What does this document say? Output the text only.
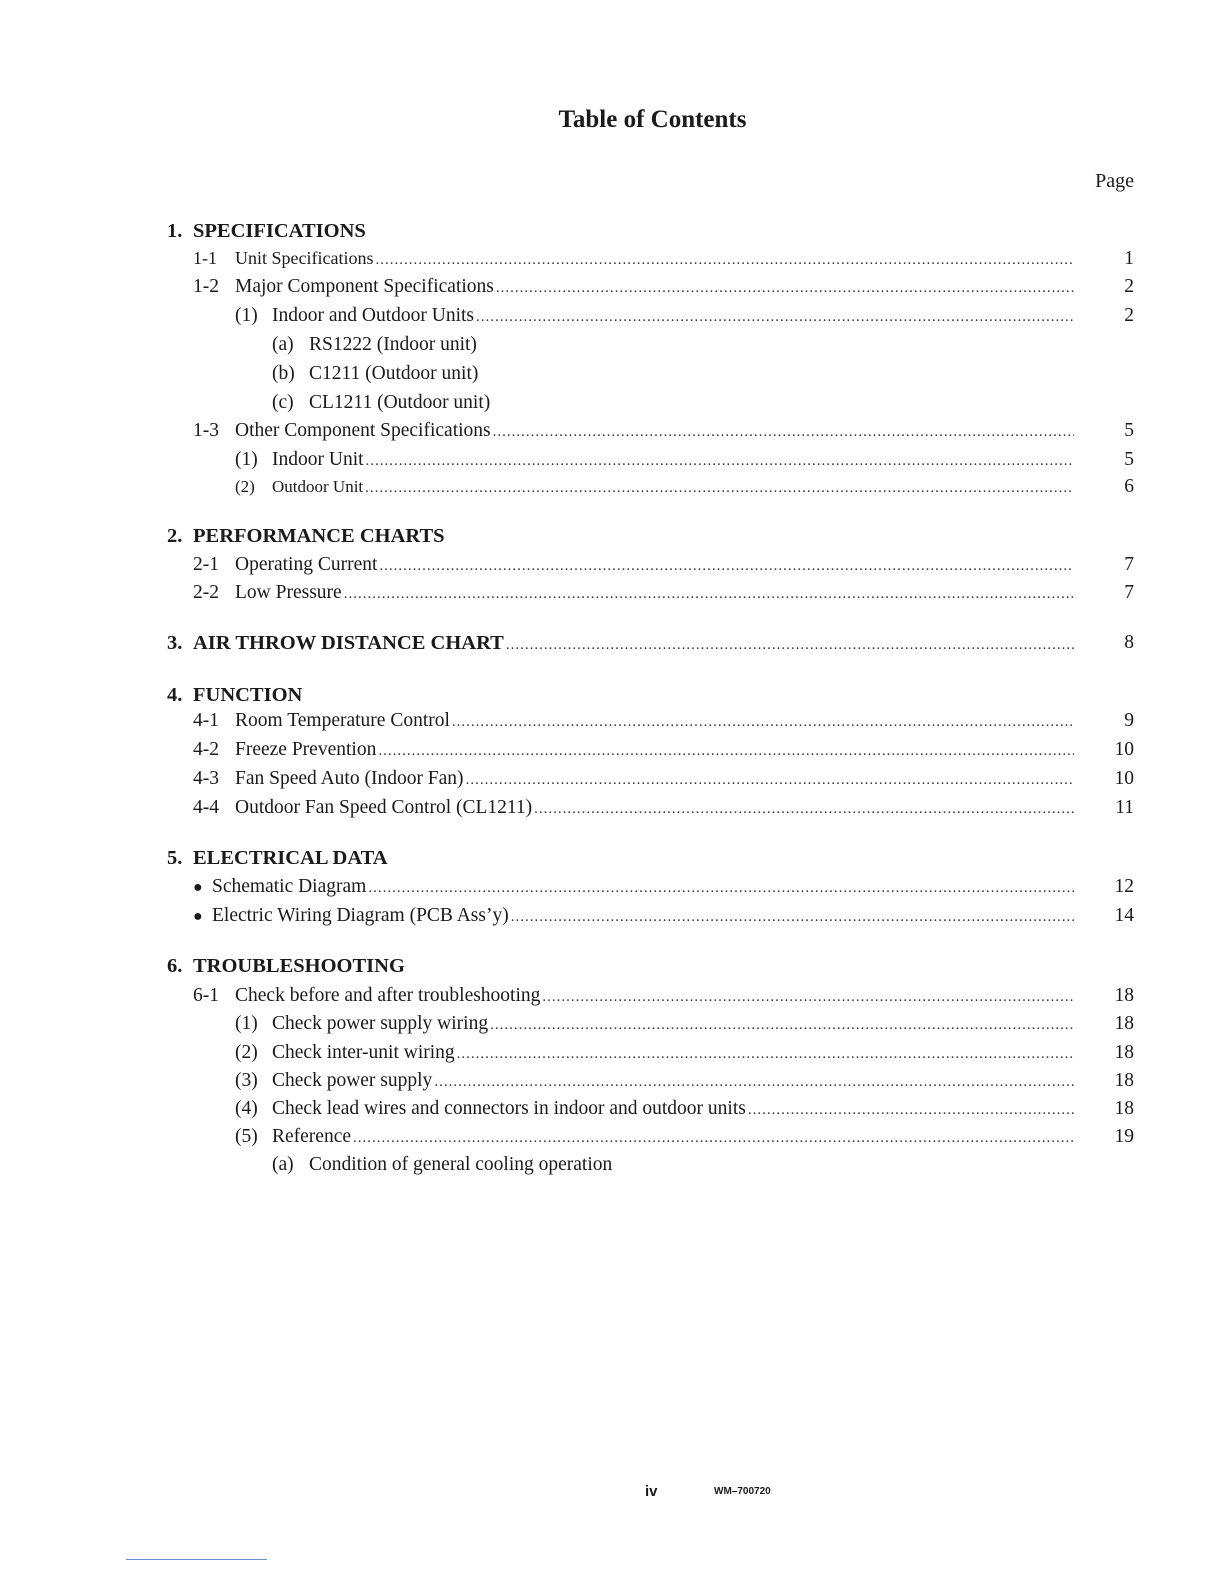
Table of Contents
Page
1. SPECIFICATIONS
1-1	Unit Specifications .....	1
1-2 Major Component Specifications .....	2
(1) Indoor and Outdoor Units .....	2
(a) RS1222 (Indoor unit)
(b) C1211 (Outdoor unit)
(c) CL1211 (Outdoor unit)
1-3 Other Component Specifications .....	5
(1) Indoor Unit .....	5
(2)	Outdoor Unit .....	6
2. PERFORMANCE CHARTS
2-1 Operating Current .....	7
2-2 Low Pressure .....	7
3. AIR THROW DISTANCE CHART .....	8
4. FUNCTION
4-1 Room Temperature Control .....	9
4-2 Freeze Prevention .....	10
4-3 Fan Speed Auto (Indoor Fan) .....	10
4-4 Outdoor Fan Speed Control (CL1211) .....	11
5. ELECTRICAL DATA
● Schematic Diagram .....	12
● Electric Wiring Diagram (PCB Ass’y) .....	14
6. TROUBLESHOOTING
6-1 Check before and after troubleshooting .....	18
(1) Check power supply wiring .....	18
(2) Check inter-unit wiring .....	18
(3) Check power supply .....	18
(4) Check lead wires and connectors in indoor and outdoor units .....	18
(5) Reference .....	19
(a) Condition of general cooling operation
iv	WM–700720
